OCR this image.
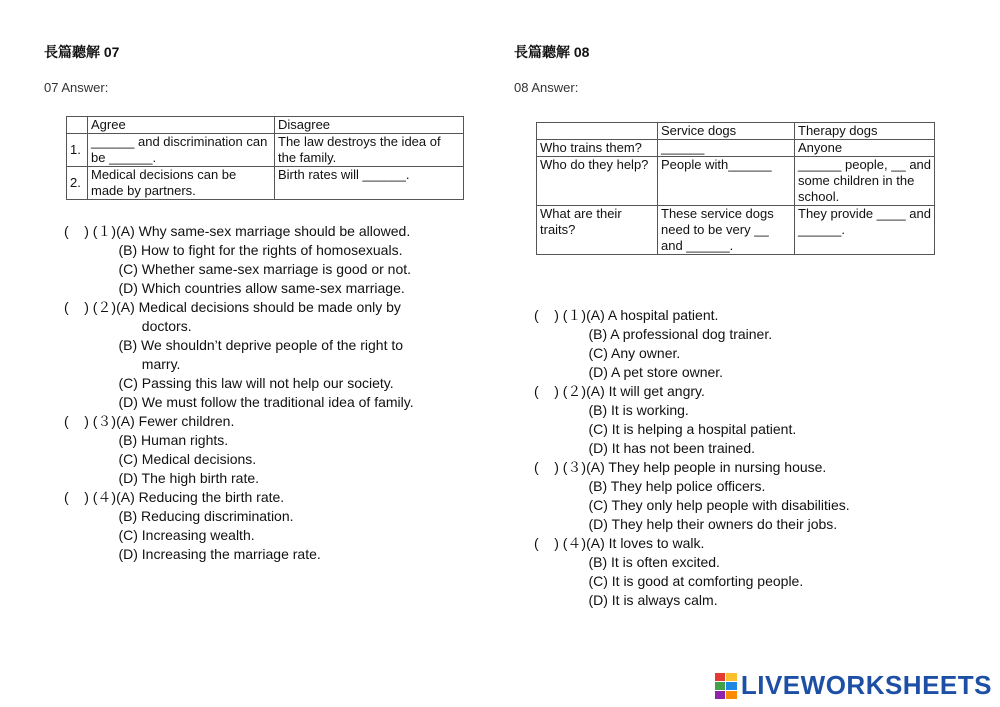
長篇聽解 07
07 Answer:
	Agree	Disagree
1.	______ and discrimination can be ______.	The law destroys the idea of the family.
2.	Medical decisions can be made by partners.	Birth rates will ______.
(    ) (１)(A) Why same-sex marriage should be allowed.
(B) How to fight for the rights of homosexuals.
(C) Whether same-sex marriage is good or not.
(D) Which countries allow same-sex marriage.
(    ) (２)(A) Medical decisions should be made only by
doctors.
(B) We shouldn’t deprive people of the right to
marry.
(C) Passing this law will not help our society.
(D) We must follow the traditional idea of family.
(    ) (３)(A) Fewer children.
(B) Human rights.
(C) Medical decisions.
(D) The high birth rate.
(    ) (４)(A) Reducing the birth rate.
(B) Reducing discrimination.
(C) Increasing wealth.
(D) Increasing the marriage rate.
長篇聽解 08
08 Answer:
	Service dogs	Therapy dogs
Who trains them?	______	Anyone
Who do they help?	People with______	______ people, __ and some children in the school.
What are their traits?	These service dogs need to be very __ and ______.	They provide ____ and ______.
(    ) (１)(A) A hospital patient.
(B) A professional dog trainer.
(C) Any owner.
(D) A pet store owner.
(    ) (２)(A) It will get angry.
(B) It is working.
(C) It is helping a hospital patient.
(D) It has not been trained.
(    ) (３)(A) They help people in nursing house.
(B) They help police officers.
(C) They only help people with disabilities.
(D) They help their owners do their jobs.
(    ) (４)(A) It loves to walk.
(B) It is often excited.
(C) It is good at comforting people.
(D) It is always calm.
LIVEWORKSHEETS
